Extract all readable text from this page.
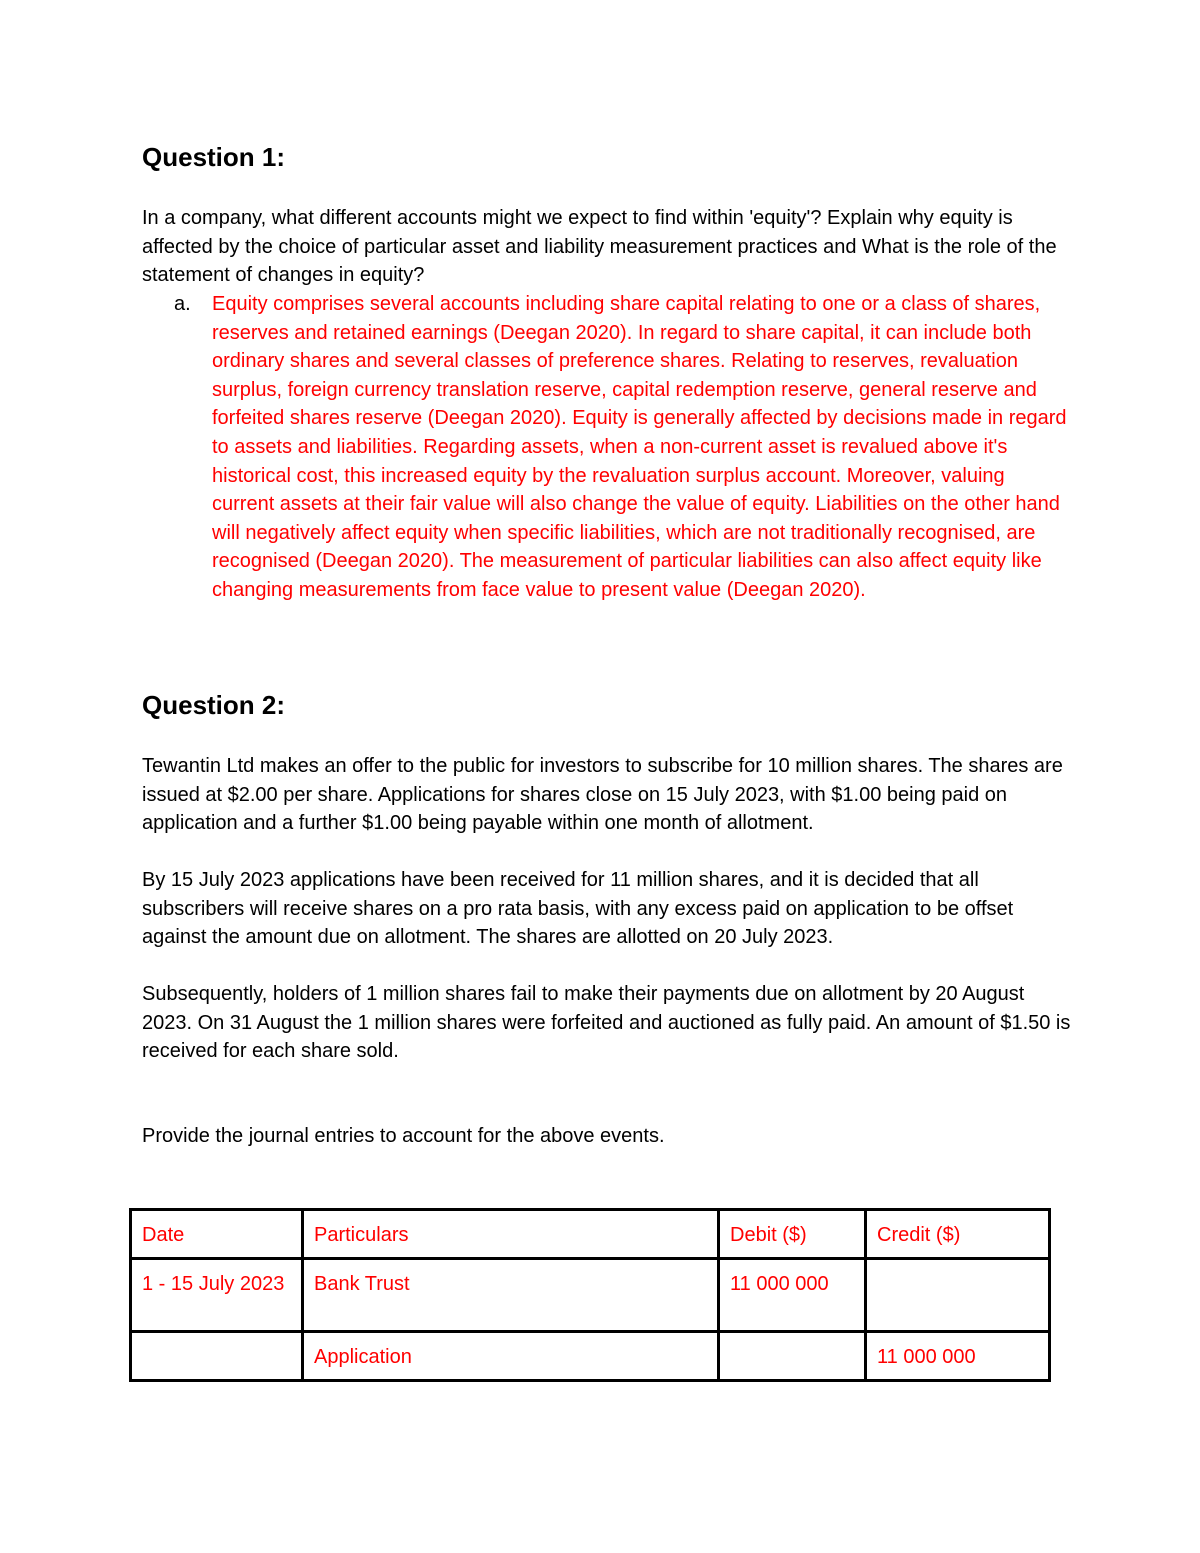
Question 1:

In a company, what different accounts might we expect to find within 'equity'? Explain why equity is affected by the choice of particular asset and liability measurement practices and What is the role of the statement of changes in equity?

a. Equity comprises several accounts including share capital relating to one or a class of shares, reserves and retained earnings (Deegan 2020). In regard to share capital, it can include both ordinary shares and several classes of preference shares. Relating to reserves, revaluation surplus, foreign currency translation reserve, capital redemption reserve, general reserve and forfeited shares reserve (Deegan 2020). Equity is generally affected by decisions made in regard to assets and liabilities. Regarding assets, when a non-current asset is revalued above it's historical cost, this increased equity by the revaluation surplus account. Moreover, valuing current assets at their fair value will also change the value of equity. Liabilities on the other hand will negatively affect equity when specific liabilities, which are not traditionally recognised, are recognised (Deegan 2020). The measurement of particular liabilities can also affect equity like changing measurements from face value to present value (Deegan 2020).

Question 2:

Tewantin Ltd makes an offer to the public for investors to subscribe for 10 million shares. The shares are issued at $2.00 per share. Applications for shares close on 15 July 2023, with $1.00 being paid on application and a further $1.00 being payable within one month of allotment.

By 15 July 2023 applications have been received for 11 million shares, and it is decided that all subscribers will receive shares on a pro rata basis, with any excess paid on application to be offset against the amount due on allotment. The shares are allotted on 20 July 2023.

Subsequently, holders of 1 million shares fail to make their payments due on allotment by 20 August 2023. On 31 August the 1 million shares were forfeited and auctioned as fully paid. An amount of $1.50 is received for each share sold.

Provide the journal entries to account for the above events.

Date	Particulars	Debit ($)	Credit ($)
1 - 15 July 2023	Bank Trust	11 000 000	
	Application		11 000 000
